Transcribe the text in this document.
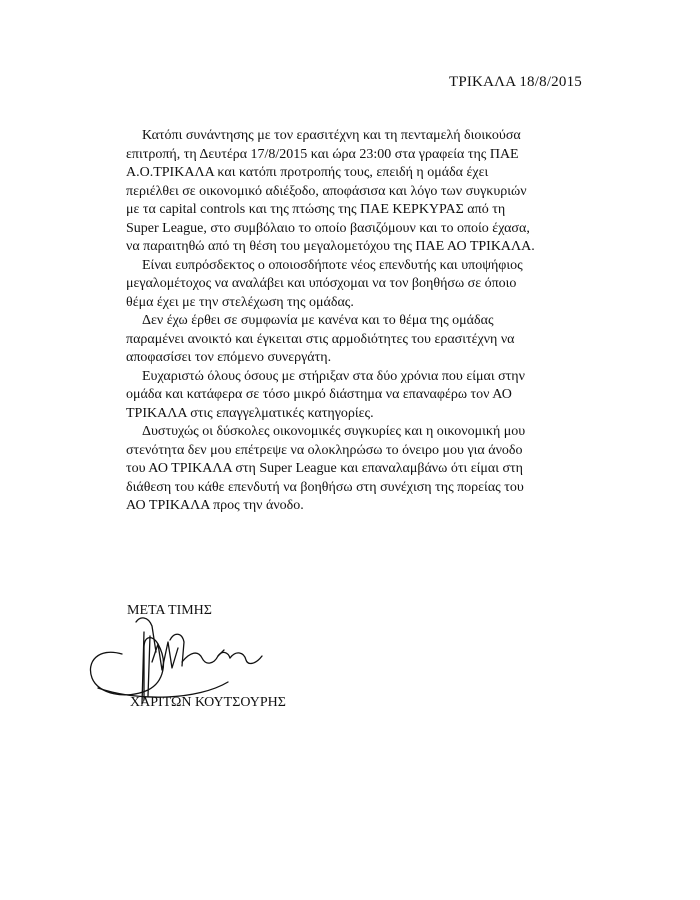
ΤΡΙΚΑΛΑ 18/8/2015

Κατόπι συνάντησης με τον ερασιτέχνη και τη πενταμελή διοικούσα
επιτροπή, τη Δευτέρα 17/8/2015 και ώρα 23:00 στα γραφεία της ΠΑΕ
Α.Ο.ΤΡΙΚΑΛΑ και κατόπι προτροπής τους, επειδή η ομάδα έχει
περιέλθει σε οικονομικό αδιέξοδο, αποφάσισα και λόγο των συγκυριών
με τα capital controls και της πτώσης της ΠΑΕ ΚΕΡΚΥΡΑΣ από τη
Super League, στο συμβόλαιο το οποίο βασιζόμουν και το οποίο έχασα,
να παραιτηθώ από τη θέση του μεγαλομετόχου της ΠΑΕ ΑΟ ΤΡΙΚΑΛΑ.

Είναι ευπρόσδεκτος ο οποιοσδήποτε νέος επενδυτής και υποψήφιος
μεγαλομέτοχος να αναλάβει και υπόσχομαι να τον βοηθήσω σε όποιο
θέμα έχει με την στελέχωση της ομάδας.

Δεν έχω έρθει σε συμφωνία με κανένα και το θέμα της ομάδας
παραμένει ανοικτό και έγκειται στις αρμοδιότητες του ερασιτέχνη να
αποφασίσει τον επόμενο συνεργάτη.

Ευχαριστώ όλους όσους με στήριξαν στα δύο χρόνια που είμαι στην
ομάδα και κατάφερα σε τόσο μικρό διάστημα να επαναφέρω τον ΑΟ
ΤΡΙΚΑΛΑ στις επαγγελματικές κατηγορίες.

Δυστυχώς οι δύσκολες οικονομικές συγκυρίες και η οικονομική μου
στενότητα δεν μου επέτρεψε να ολοκληρώσω το όνειρο μου για άνοδο
του ΑΟ ΤΡΙΚΑΛΑ στη Super League και επαναλαμβάνω ότι είμαι στη
διάθεση του κάθε επενδυτή να βοηθήσω στη συνέχιση της πορείας του
ΑΟ ΤΡΙΚΑΛΑ προς την άνοδο.

ΜΕΤΑ ΤΙΜΗΣ
ΧΑΡΙΤΩΝ ΚΟΥΤΣΟΥΡΗΣ
